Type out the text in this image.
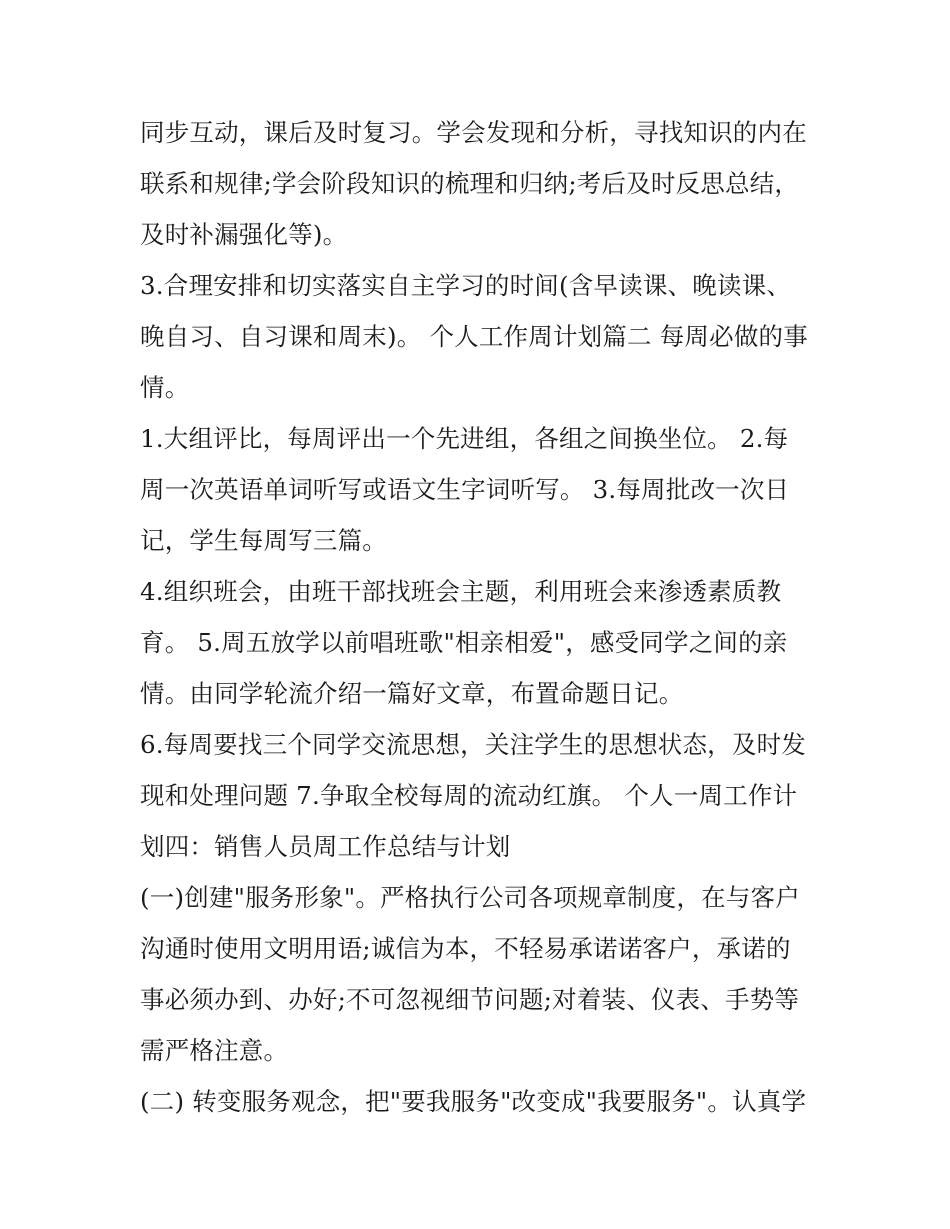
同步互动，课后及时复习。学会发现和分析，寻找知识的内在联系和规律;学会阶段知识的梳理和归纳;考后及时反思总结，及时补漏强化等)。

3.合理安排和切实落实自主学习的时间(含早读课、晚读课、晚自习、自习课和周末)。 个人工作周计划篇二 每周必做的事情。

1.大组评比，每周评出一个先进组，各组之间换坐位。 2.每周一次英语单词听写或语文生字词听写。 3.每周批改一次日记，学生每周写三篇。

4.组织班会，由班干部找班会主题，利用班会来渗透素质教育。 5.周五放学以前唱班歌"相亲相爱"，感受同学之间的亲情。由同学轮流介绍一篇好文章，布置命题日记。

6.每周要找三个同学交流思想，关注学生的思想状态，及时发现和处理问题 7.争取全校每周的流动红旗。 个人一周工作计划四：销售人员周工作总结与计划

(一)创建"服务形象"。严格执行公司各项规章制度，在与客户沟通时使用文明用语;诚信为本，不轻易承诺诺客户，承诺的事必须办到、办好;不可忽视细节问题;对着装、仪表、手势等需严格注意。

(二) 转变服务观念，把"要我服务"改变成"我要服务"。认真学
